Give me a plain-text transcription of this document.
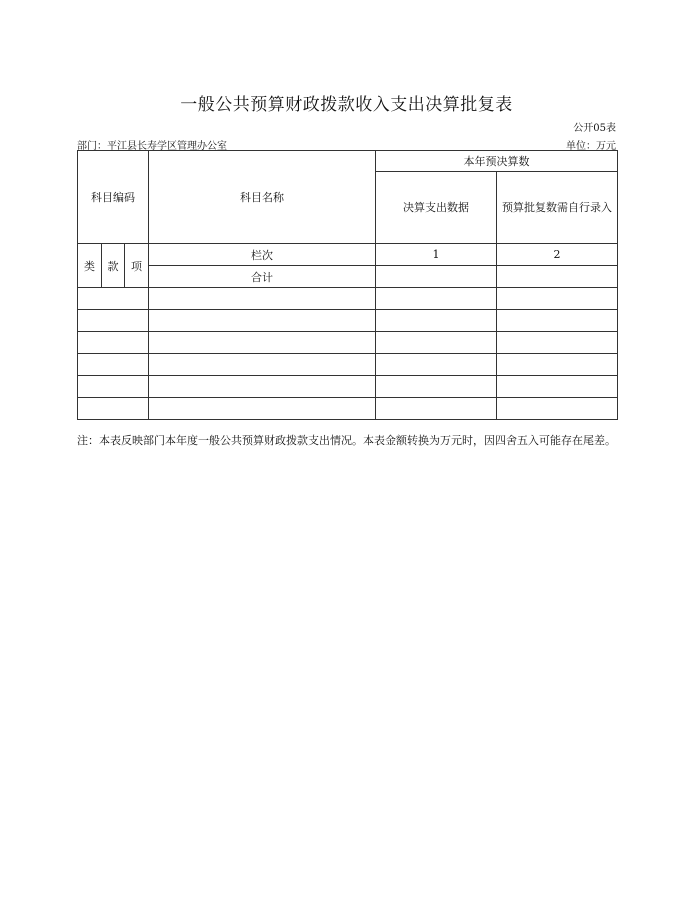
一般公共预算财政拨款收入支出决算批复表
公开05表
部门：平江县长寿学区管理办公室	单位：万元
科目编码			科目名称	本年预决算数	
				决算支出数据	预算批复数需自行录入

类	款	项	栏次	1	2
			合计		

注：本表反映部门本年度一般公共预算财政拨款支出情况。本表金额转换为万元时，因四舍五入可能存在尾差。
